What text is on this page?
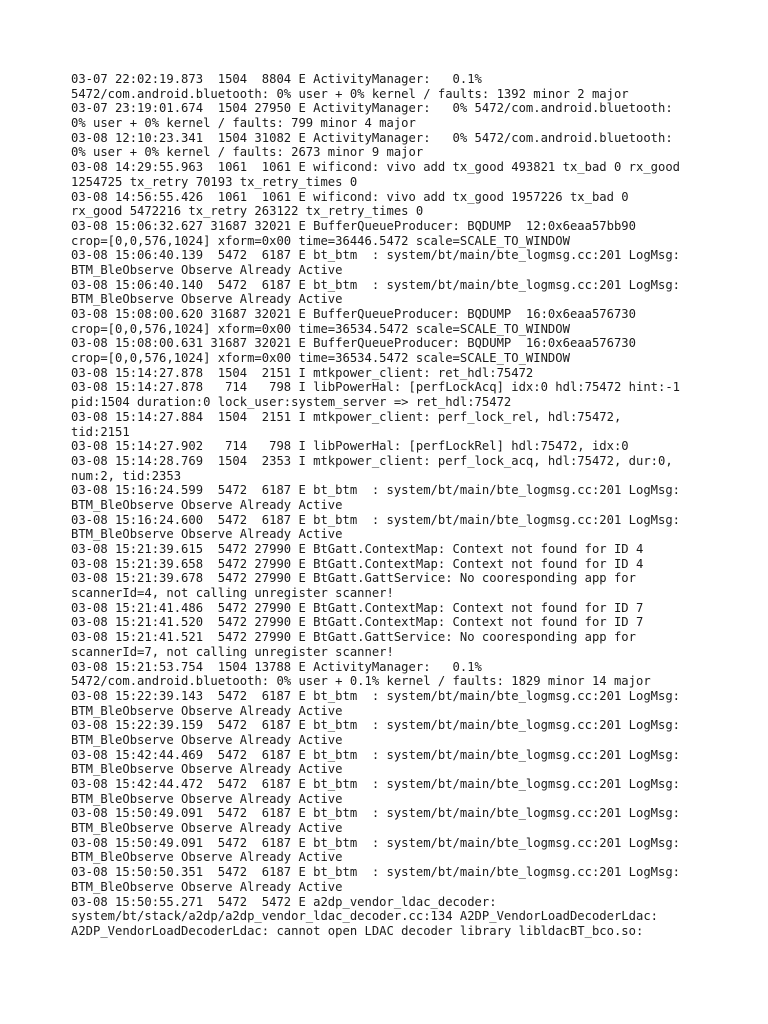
03-07 22:02:19.873  1504  8804 E ActivityManager:   0.1%
5472/com.android.bluetooth: 0% user + 0% kernel / faults: 1392 minor 2 major
03-07 23:19:01.674  1504 27950 E ActivityManager:   0% 5472/com.android.bluetooth:
0% user + 0% kernel / faults: 799 minor 4 major
03-08 12:10:23.341  1504 31082 E ActivityManager:   0% 5472/com.android.bluetooth:
0% user + 0% kernel / faults: 2673 minor 9 major
03-08 14:29:55.963  1061  1061 E wificond: vivo add tx_good 493821 tx_bad 0 rx_good
1254725 tx_retry 70193 tx_retry_times 0
03-08 14:56:55.426  1061  1061 E wificond: vivo add tx_good 1957226 tx_bad 0
rx_good 5472216 tx_retry 263122 tx_retry_times 0
03-08 15:06:32.627 31687 32021 E BufferQueueProducer: BQDUMP  12:0x6eaa57bb90
crop=[0,0,576,1024] xform=0x00 time=36446.5472 scale=SCALE_TO_WINDOW
03-08 15:06:40.139  5472  6187 E bt_btm  : system/bt/main/bte_logmsg.cc:201 LogMsg:
BTM_BleObserve Observe Already Active
03-08 15:06:40.140  5472  6187 E bt_btm  : system/bt/main/bte_logmsg.cc:201 LogMsg:
BTM_BleObserve Observe Already Active
03-08 15:08:00.620 31687 32021 E BufferQueueProducer: BQDUMP  16:0x6eaa576730
crop=[0,0,576,1024] xform=0x00 time=36534.5472 scale=SCALE_TO_WINDOW
03-08 15:08:00.631 31687 32021 E BufferQueueProducer: BQDUMP  16:0x6eaa576730
crop=[0,0,576,1024] xform=0x00 time=36534.5472 scale=SCALE_TO_WINDOW
03-08 15:14:27.878  1504  2151 I mtkpower_client: ret_hdl:75472
03-08 15:14:27.878   714   798 I libPowerHal: [perfLockAcq] idx:0 hdl:75472 hint:-1
pid:1504 duration:0 lock_user:system_server => ret_hdl:75472
03-08 15:14:27.884  1504  2151 I mtkpower_client: perf_lock_rel, hdl:75472,
tid:2151
03-08 15:14:27.902   714   798 I libPowerHal: [perfLockRel] hdl:75472, idx:0
03-08 15:14:28.769  1504  2353 I mtkpower_client: perf_lock_acq, hdl:75472, dur:0,
num:2, tid:2353
03-08 15:16:24.599  5472  6187 E bt_btm  : system/bt/main/bte_logmsg.cc:201 LogMsg:
BTM_BleObserve Observe Already Active
03-08 15:16:24.600  5472  6187 E bt_btm  : system/bt/main/bte_logmsg.cc:201 LogMsg:
BTM_BleObserve Observe Already Active
03-08 15:21:39.615  5472 27990 E BtGatt.ContextMap: Context not found for ID 4
03-08 15:21:39.658  5472 27990 E BtGatt.ContextMap: Context not found for ID 4
03-08 15:21:39.678  5472 27990 E BtGatt.GattService: No cooresponding app for
scannerId=4, not calling unregister scanner!
03-08 15:21:41.486  5472 27990 E BtGatt.ContextMap: Context not found for ID 7
03-08 15:21:41.520  5472 27990 E BtGatt.ContextMap: Context not found for ID 7
03-08 15:21:41.521  5472 27990 E BtGatt.GattService: No cooresponding app for
scannerId=7, not calling unregister scanner!
03-08 15:21:53.754  1504 13788 E ActivityManager:   0.1%
5472/com.android.bluetooth: 0% user + 0.1% kernel / faults: 1829 minor 14 major
03-08 15:22:39.143  5472  6187 E bt_btm  : system/bt/main/bte_logmsg.cc:201 LogMsg:
BTM_BleObserve Observe Already Active
03-08 15:22:39.159  5472  6187 E bt_btm  : system/bt/main/bte_logmsg.cc:201 LogMsg:
BTM_BleObserve Observe Already Active
03-08 15:42:44.469  5472  6187 E bt_btm  : system/bt/main/bte_logmsg.cc:201 LogMsg:
BTM_BleObserve Observe Already Active
03-08 15:42:44.472  5472  6187 E bt_btm  : system/bt/main/bte_logmsg.cc:201 LogMsg:
BTM_BleObserve Observe Already Active
03-08 15:50:49.091  5472  6187 E bt_btm  : system/bt/main/bte_logmsg.cc:201 LogMsg:
BTM_BleObserve Observe Already Active
03-08 15:50:49.091  5472  6187 E bt_btm  : system/bt/main/bte_logmsg.cc:201 LogMsg:
BTM_BleObserve Observe Already Active
03-08 15:50:50.351  5472  6187 E bt_btm  : system/bt/main/bte_logmsg.cc:201 LogMsg:
BTM_BleObserve Observe Already Active
03-08 15:50:55.271  5472  5472 E a2dp_vendor_ldac_decoder:
system/bt/stack/a2dp/a2dp_vendor_ldac_decoder.cc:134 A2DP_VendorLoadDecoderLdac:
A2DP_VendorLoadDecoderLdac: cannot open LDAC decoder library libldacBT_bco.so:
